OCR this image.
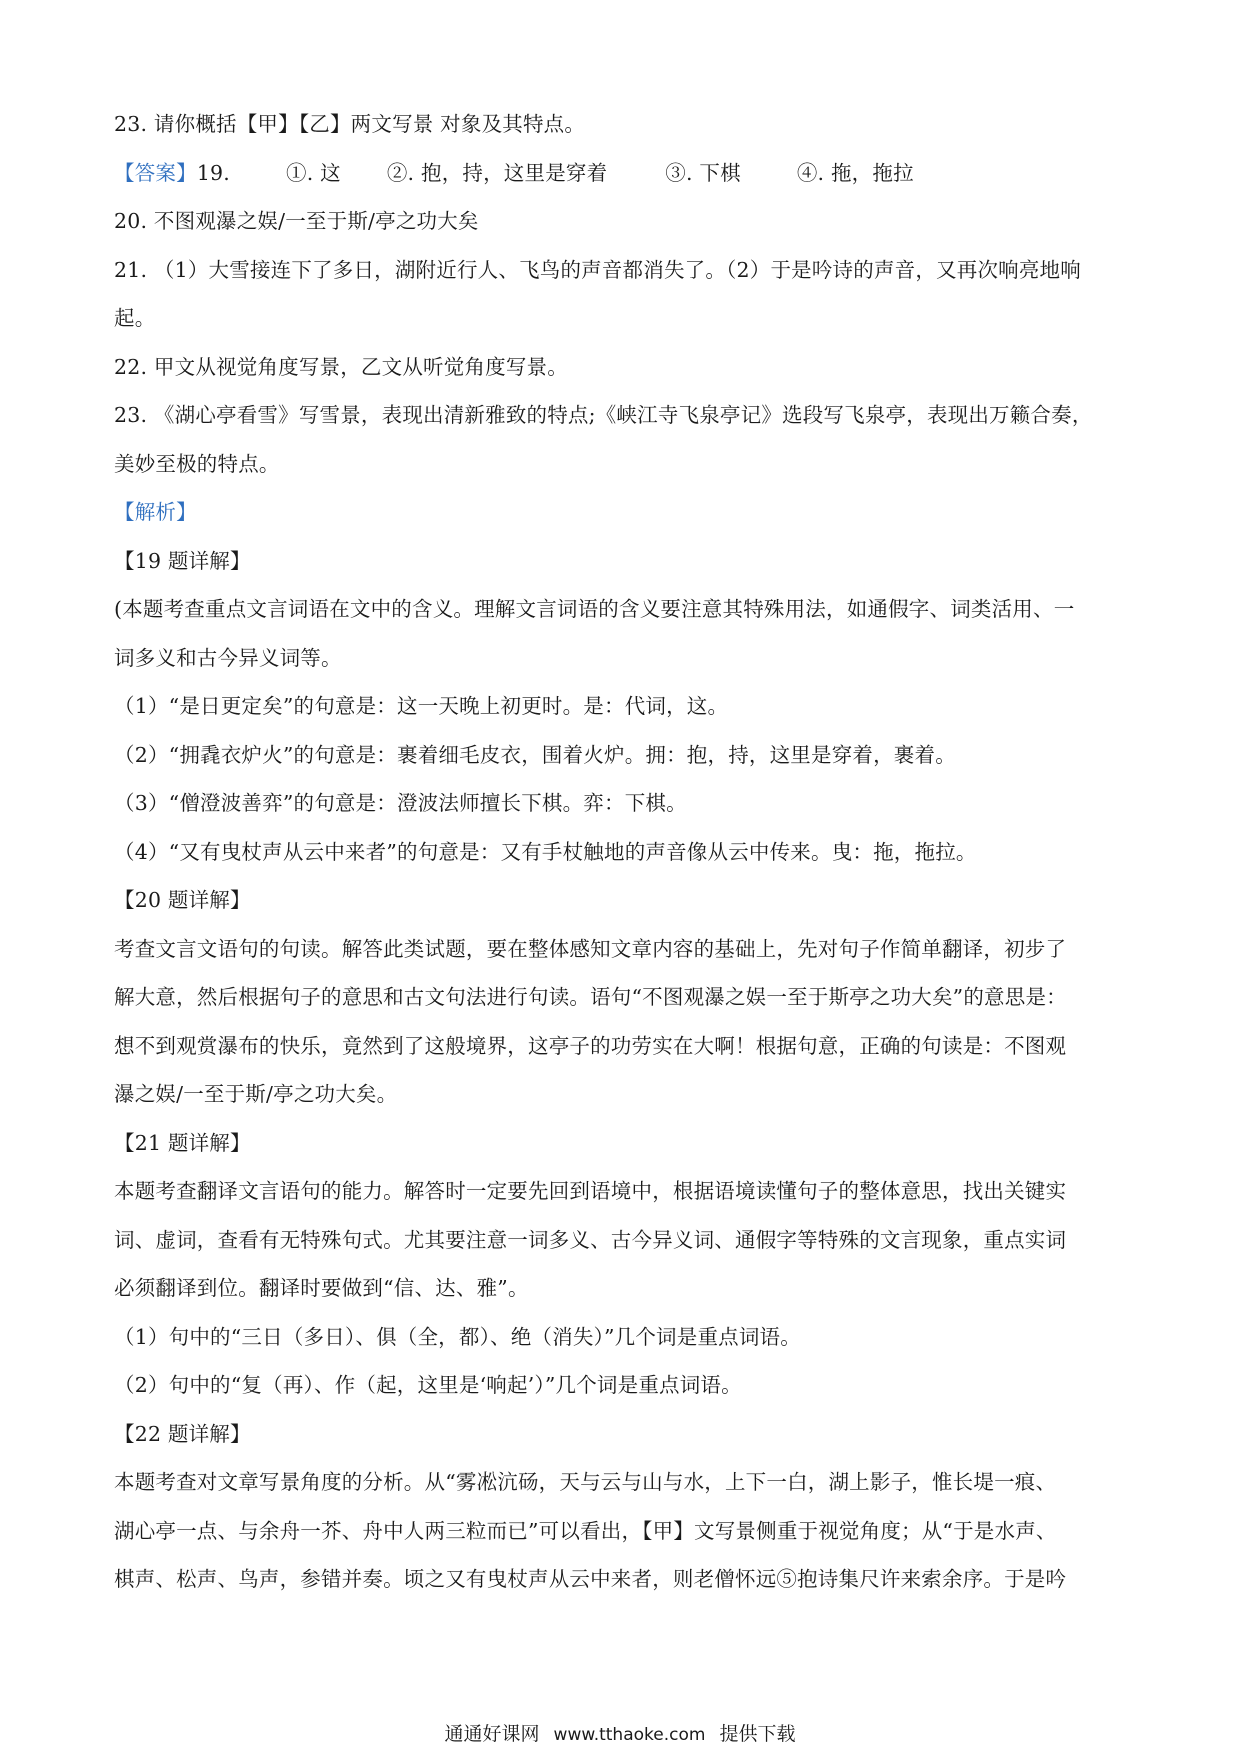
23. 请你概括【甲】【乙】两文写景 对象及其特点。
【答案】19.	①. 这 ②. 抱，持，这里是穿着	③. 下棋	④. 拖，拖拉
20. 不图观瀑之娱/一至于斯/亭之功大矣
21. （1）大雪接连下了多日，湖附近行人、飞鸟的声音都消失了。（2）于是吟诗的声音，又再次响亮地响
起。
22. 甲文从视觉角度写景，乙文从听觉角度写景。
23. 《湖心亭看雪》写雪景，表现出清新雅致的特点;《峡江寺飞泉亭记》选段写飞泉亭，表现出万籁合奏，
美妙至极的特点。
【解析】
【19 题详解】
(本题考查重点文言词语在文中的含义。理解文言词语的含义要注意其特殊用法，如通假字、词类活用、一
词多义和古今异义词等。
（1）“是日更定矣”的句意是：这一天晚上初更时。是：代词，这。
（2）“拥毳衣炉火”的句意是：裹着细毛皮衣，围着火炉。拥：抱，持，这里是穿着，裹着。
（3）“僧澄波善弈”的句意是：澄波法师擅长下棋。弈：下棋。
（4）“又有曳杖声从云中来者”的句意是：又有手杖触地的声音像从云中传来。曳：拖，拖拉。
【20 题详解】
考查文言文语句的句读。解答此类试题，要在整体感知文章内容的基础上，先对句子作简单翻译，初步了
解大意，然后根据句子的意思和古文句法进行句读。语句“不图观瀑之娱一至于斯亭之功大矣”的意思是：
想不到观赏瀑布的快乐，竟然到了这般境界，这亭子的功劳实在大啊！根据句意，正确的句读是：不图观
瀑之娱/一至于斯/亭之功大矣。
【21 题详解】
本题考查翻译文言语句的能力。解答时一定要先回到语境中，根据语境读懂句子的整体意思，找出关键实
词、虚词，查看有无特殊句式。尤其要注意一词多义、古今异义词、通假字等特殊的文言现象，重点实词
必须翻译到位。翻译时要做到“信、达、雅”。
（1）句中的“三日（多日）、俱（全，都）、绝（消失）”几个词是重点词语。
（2）句中的“复（再）、作（起，这里是‘响起’）”几个词是重点词语。
【22 题详解】
本题考查对文章写景角度的分析。从“雾凇沆砀，天与云与山与水，上下一白，湖上影子，惟长堤一痕、
湖心亭一点、与余舟一芥、舟中人两三粒而已”可以看出，【甲】文写景侧重于视觉角度；从“于是水声、
棋声、松声、鸟声，参错并奏。顷之又有曳杖声从云中来者，则老僧怀远⑤抱诗集尺许来索余序。于是吟
通通好课网 www.tthaoke.com 提供下载
